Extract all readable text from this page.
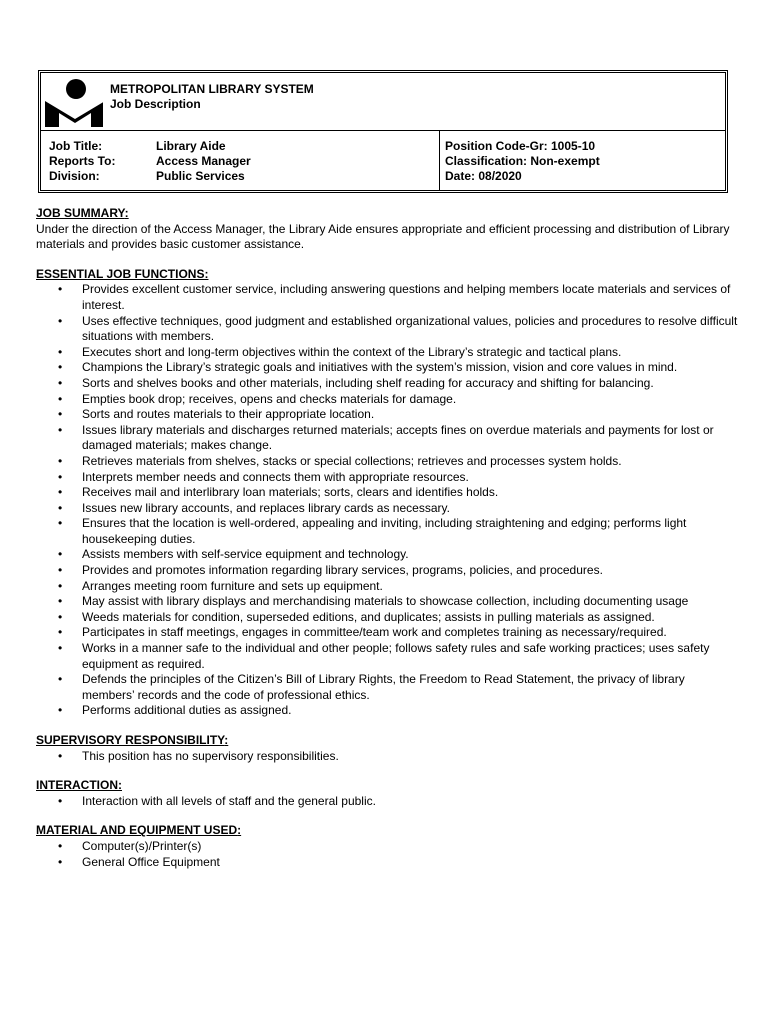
METROPOLITAN LIBRARY SYSTEM
Job Description
Job Title:
Reports To:
Division:
Library Aide
Access Manager
Public Services
Position Code-Gr: 1005-10
Classification: Non-exempt
Date: 08/2020

JOB SUMMARY:

Under the direction of the Access Manager, the Library Aide ensures appropriate and efficient processing and distribution of Library materials and provides basic customer assistance.

ESSENTIAL JOB FUNCTIONS:

• Provides excellent customer service, including answering questions and helping members locate materials and services of interest.
• Uses effective techniques, good judgment and established organizational values, policies and procedures to resolve difficult situations with members.
• Executes short and long-term objectives within the context of the Library’s strategic and tactical plans.
• Champions the Library’s strategic goals and initiatives with the system’s mission, vision and core values in mind.
• Sorts and shelves books and other materials, including shelf reading for accuracy and shifting for balancing.
• Empties book drop; receives, opens and checks materials for damage.
• Sorts and routes materials to their appropriate location.
• Issues library materials and discharges returned materials; accepts fines on overdue materials and payments for lost or damaged materials; makes change.
• Retrieves materials from shelves, stacks or special collections; retrieves and processes system holds.
• Interprets member needs and connects them with appropriate resources.
• Receives mail and interlibrary loan materials; sorts, clears and identifies holds.
• Issues new library accounts, and replaces library cards as necessary.
• Ensures that the location is well-ordered, appealing and inviting, including straightening and edging; performs light housekeeping duties.
• Assists members with self-service equipment and technology.
• Provides and promotes information regarding library services, programs, policies, and procedures.
• Arranges meeting room furniture and sets up equipment.
• May assist with library displays and merchandising materials to showcase collection, including documenting usage
• Weeds materials for condition, superseded editions, and duplicates; assists in pulling materials as assigned.
• Participates in staff meetings, engages in committee/team work and completes training as necessary/required.
• Works in a manner safe to the individual and other people; follows safety rules and safe working practices; uses safety equipment as required.
• Defends the principles of the Citizen’s Bill of Library Rights, the Freedom to Read Statement, the privacy of library members’ records and the code of professional ethics.
• Performs additional duties as assigned.

SUPERVISORY RESPONSIBILITY:

• This position has no supervisory responsibilities.

INTERACTION:

• Interaction with all levels of staff and the general public.

MATERIAL AND EQUIPMENT USED:

• Computer(s)/Printer(s)
• General Office Equipment
